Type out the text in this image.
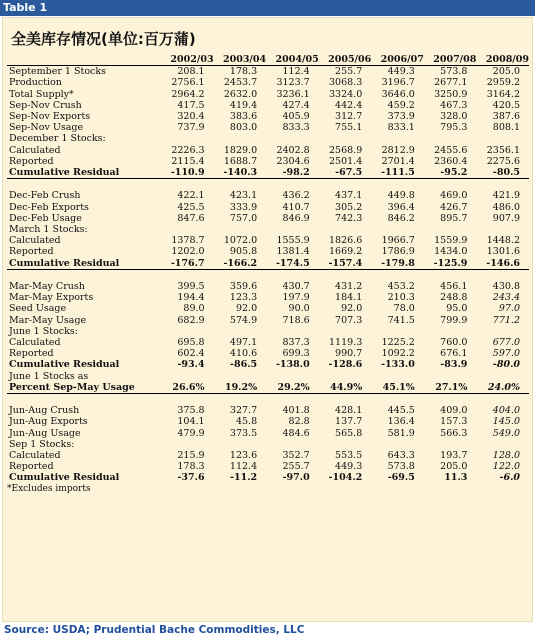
Table 1
全美库存情况(单位:百万蒲)
	2002/03	2003/04	2004/05	2005/06	2006/07	2007/08	2008/09
September 1 Stocks	208.1	178.3	112.4	255.7	449.3	573.8	205.0
Production	2756.1	2453.7	3123.7	3068.3	3196.7	2677.1	2959.2
Total Supply*	2964.2	2632.0	3236.1	3324.0	3646.0	3250.9	3164.2
Sep-Nov Crush	417.5	419.4	427.4	442.4	459.2	467.3	420.5
Sep-Nov Exports	320.4	383.6	405.9	312.7	373.9	328.0	387.6
Sep-Nov Usage	737.9	803.0	833.3	755.1	833.1	795.3	808.1
December 1 Stocks:							
Calculated	2226.3	1829.0	2402.8	2568.9	2812.9	2455.6	2356.1
Reported	2115.4	1688.7	2304.6	2501.4	2701.4	2360.4	2275.6
Cumulative Residual	-110.9	-140.3	-98.2	-67.5	-111.5	-95.2	-80.5

Dec-Feb Crush	422.1	423.1	436.2	437.1	449.8	469.0	421.9
Dec-Feb Exports	425.5	333.9	410.7	305.2	396.4	426.7	486.0
Dec-Feb Usage	847.6	757.0	846.9	742.3	846.2	895.7	907.9
March 1 Stocks:							
Calculated	1378.7	1072.0	1555.9	1826.6	1966.7	1559.9	1448.2
Reported	1202.0	905.8	1381.4	1669.2	1786.9	1434.0	1301.6
Cumulative Residual	-176.7	-166.2	-174.5	-157.4	-179.8	-125.9	-146.6

Mar-May Crush	399.5	359.6	430.7	431.2	453.2	456.1	430.8
Mar-May Exports	194.4	123.3	197.9	184.1	210.3	248.8	243.4
Seed Usage	89.0	92.0	90.0	92.0	78.0	95.0	97.0
Mar-May Usage	682.9	574.9	718.6	707.3	741.5	799.9	771.2
June 1 Stocks:							
Calculated	695.8	497.1	837.3	1119.3	1225.2	760.0	677.0
Reported	602.4	410.6	699.3	990.7	1092.2	676.1	597.0
Cumulative Residual	-93.4	-86.5	-138.0	-128.6	-133.0	-83.9	-80.0
June 1 Stocks as							
Percent Sep-May Usage	26.6%	19.2%	29.2%	44.9%	45.1%	27.1%	24.0%

Jun-Aug Crush	375.8	327.7	401.8	428.1	445.5	409.0	404.0
Jun-Aug Exports	104.1	45.8	82.8	137.7	136.4	157.3	145.0
Jun-Aug Usage	479.9	373.5	484.6	565.8	581.9	566.3	549.0
Sep 1 Stocks:							
Calculated	215.9	123.6	352.7	553.5	643.3	193.7	128.0
Reported	178.3	112.4	255.7	449.3	573.8	205.0	122.0
Cumulative Residual	-37.6	-11.2	-97.0	-104.2	-69.5	11.3	-6.0
*Excludes imports							
Source: USDA; Prudential Bache Commodities, LLC
